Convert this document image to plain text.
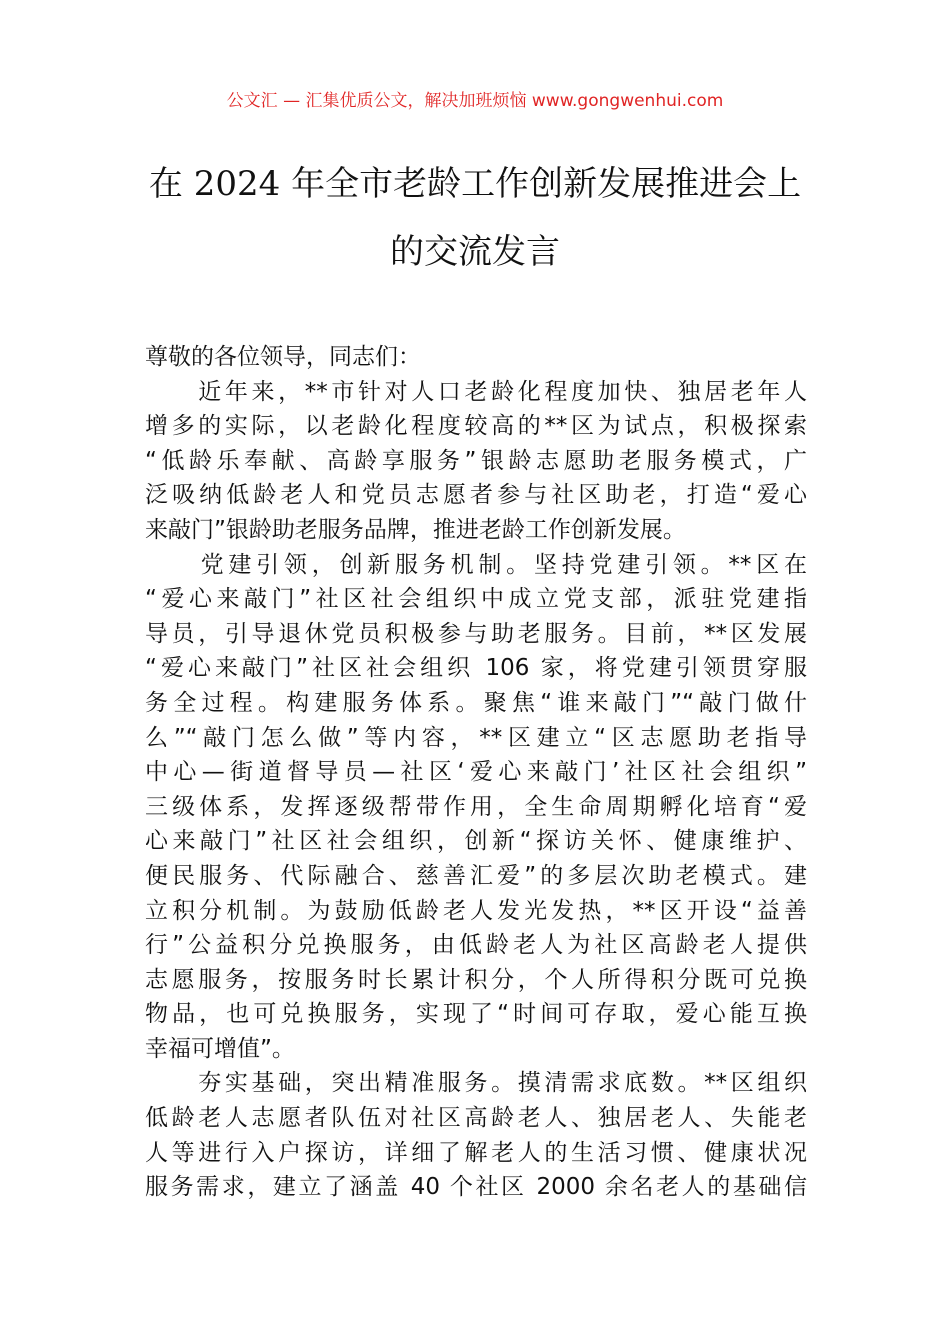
公文汇 — 汇集优质公文，解决加班烦恼 www.gongwenhui.com
在 2024 年全市老龄工作创新发展推进会上
的交流发言
尊敬的各位领导，同志们：
　　近年来，**市针对人口老龄化程度加快、独居老年人
增多的实际，以老龄化程度较高的**区为试点，积极探索
“低龄乐奉献、高龄享服务”银龄志愿助老服务模式，广
泛吸纳低龄老人和党员志愿者参与社区助老，打造“爱心
来敲门”银龄助老服务品牌，推进老龄工作创新发展。
　　党建引领，创新服务机制。坚持党建引领。**区在
“爱心来敲门”社区社会组织中成立党支部，派驻党建指
导员，引导退休党员积极参与助老服务。目前，**区发展
“爱心来敲门”社区社会组织 106 家，将党建引领贯穿服
务全过程。构建服务体系。聚焦“谁来敲门”“敲门做什
么”“敲门怎么做”等内容，**区建立“区志愿助老指导
中心—街道督导员—社区‘爱心来敲门’社区社会组织”
三级体系，发挥逐级帮带作用，全生命周期孵化培育“爱
心来敲门”社区社会组织，创新“探访关怀、健康维护、
便民服务、代际融合、慈善汇爱”的多层次助老模式。建
立积分机制。为鼓励低龄老人发光发热，**区开设“益善
行”公益积分兑换服务，由低龄老人为社区高龄老人提供
志愿服务，按服务时长累计积分，个人所得积分既可兑换
物品，也可兑换服务，实现了“时间可存取，爱心能互换
幸福可增值”。
　　夯实基础，突出精准服务。摸清需求底数。**区组织
低龄老人志愿者队伍对社区高龄老人、独居老人、失能老
人等进行入户探访，详细了解老人的生活习惯、健康状况
服务需求，建立了涵盖 40 个社区 2000 余名老人的基础信
